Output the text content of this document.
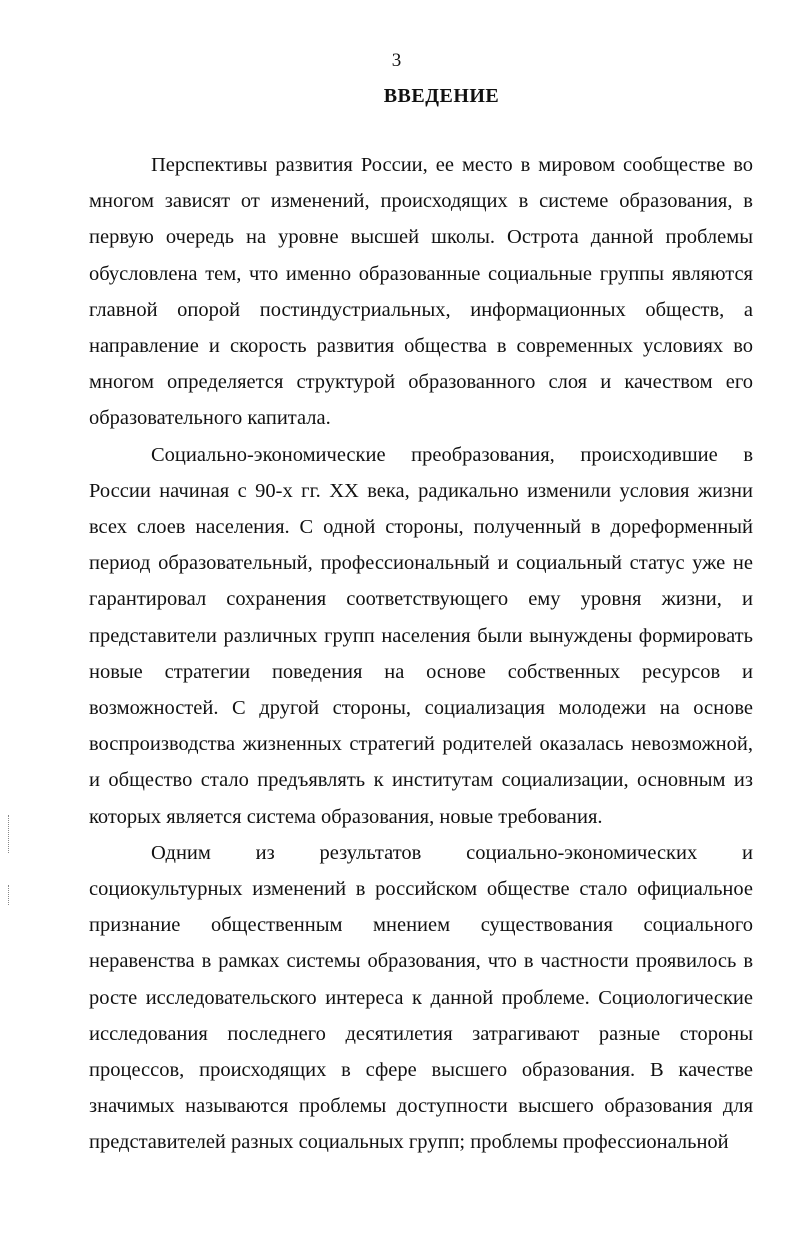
3
ВВЕДЕНИЕ

Перспективы развития России, ее место в мировом сообществе во многом зависят от изменений, происходящих в системе образования, в первую очередь на уровне высшей школы. Острота данной проблемы обусловлена тем, что именно образованные социальные группы являются главной опорой постиндустриальных, информационных обществ, а направление и скорость развития общества в современных условиях во многом определяется структурой образованного слоя и качеством его образовательного капитала.

Социально-экономические преобразования, происходившие в России начиная с 90-х гг. XX века, радикально изменили условия жизни всех слоев населения. С одной стороны, полученный в дореформенный период образовательный, профессиональный и социальный статус уже не гарантировал сохранения соответствующего ему уровня жизни, и представители различных групп населения были вынуждены формировать новые стратегии поведения на основе собственных ресурсов и возможностей. С другой стороны, социализация молодежи на основе воспроизводства жизненных стратегий родителей оказалась невозможной, и общество стало предъявлять к институтам социализации, основным из которых является система образования, новые требования.

Одним из результатов социально-экономических и социокультурных изменений в российском обществе стало официальное признание общественным мнением существования социального неравенства в рамках системы образования, что в частности проявилось в росте исследовательского интереса к данной проблеме. Социологические исследования последнего десятилетия затрагивают разные стороны процессов, происходящих в сфере высшего образования. В качестве значимых называются проблемы доступности высшего образования для представителей разных социальных групп; проблемы профессиональной
